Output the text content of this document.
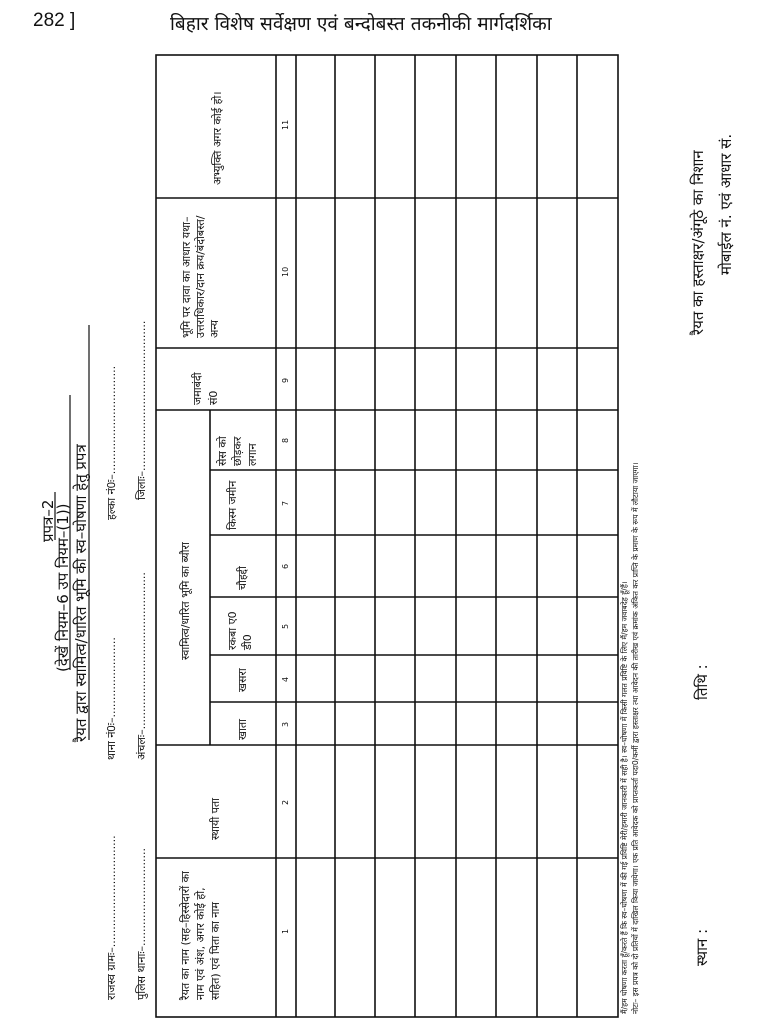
282 ]	बिहार विशेष सर्वेक्षण एवं बन्दोबस्त तकनीकी मार्गदर्शिका
प्रपत्र–2
(देखें नियम–6 उप नियम–(1)) रैयत द्वारा स्वामित्व/धारित भूमि की स्व–घोषणा हेतु प्रपत्र
राजस्व ग्रामः–................................
थाना नं0ः–.......................
हल्का नं0ः–...............................
पुलिस थानाः–............................
अंचलः–.............................................
जिलाः–...........................................
रैयत का नाम (सह–हिस्सेदारों का नाम एवं अंश, अगर कोई हो, सहित) एवं पिता का नाम
स्थायी पता
स्वामित्व/धारित भूमि का ब्यौरा
खाता
खसरा
रकबा ए0 डी0
चौहद्दी
किस्म जमीन
सेस को छोड़कर लगान
जमाबंदी सं0
भूमि पर दावा का आधार यथा–उत्तराधिकार/दान क्रय/बंदोबस्त/अन्य
अभ्युक्ति अगर कोई हो।
1
2
3
4
5
6
7
8
9
10
11
मैं/हम घोषणा करता हूँ/करते हैं कि स्व–घोषणा में की गई प्रविष्टि मेरी/हमारी जानकारी में सही है। स्व–घोषणा में किसी गलत प्रविष्टि के लिए मैं/हम जवाबदेह हूँ/हैं। नोटः– इस प्रपत्र को दो प्रतियों में दाखिल किया जायेगा। एक प्रति आवेदक को प्राप्तकर्ता पदा0/कर्मी द्वारा हस्ताक्षर त्था आवेदन की तारीख एवं क्रमांक अंकित कर प्राप्ति के प्रमाण के रूप में लौटाया जाएगा।	स्थान :
तिथि :
रैयत का हस्ताक्षर/अंगूठे का निशान मोबाईल नं. एवं आधार सं.
